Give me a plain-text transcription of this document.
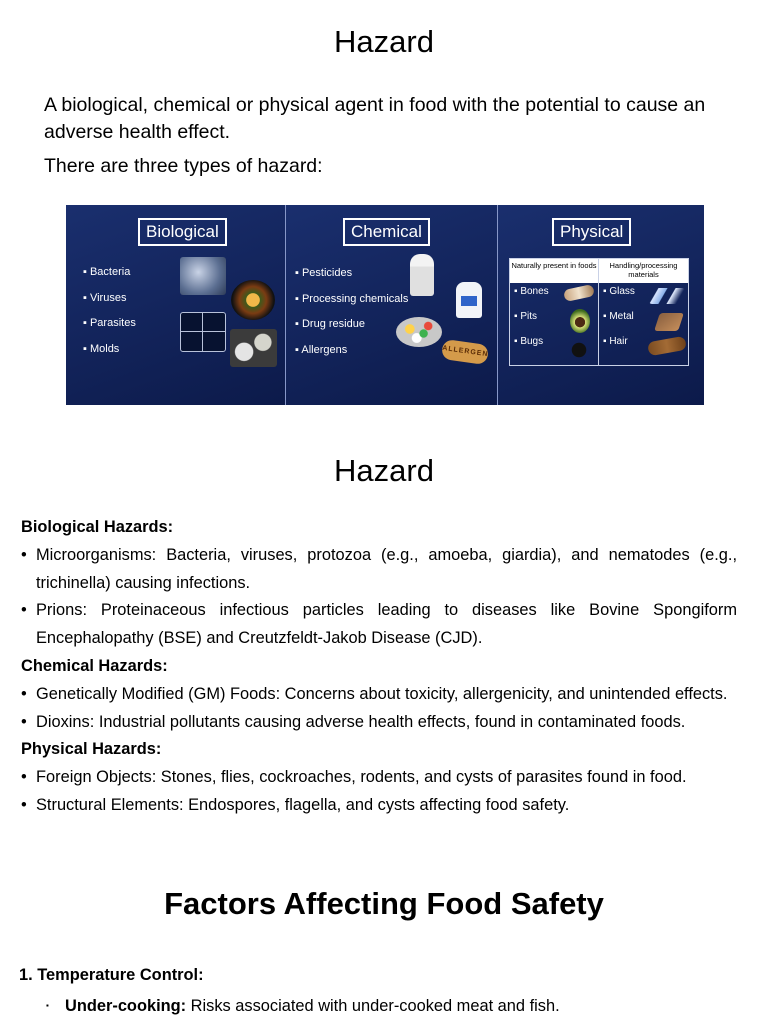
Hazard

A biological, chemical or physical agent in food with the potential to cause an adverse health effect.

There are three types of hazard:

Biological
▪ Bacteria
▪ Viruses
▪ Parasites
▪ Molds
Chemical
▪ Pesticides
▪ Processing chemicals
▪ Drug residue
▪ Allergens	ALLERGEN
Physical
Naturally present in foods	Handling/processing materials
▪ Bones
▪ Pits
▪ Bugs
▪ Glass
▪ Metal
▪ Hair
Hazard
Biological Hazards:
• Microorganisms: Bacteria, viruses, protozoa (e.g., amoeba, giardia), and nematodes (e.g., trichinella) causing infections.
• Prions: Proteinaceous infectious particles leading to diseases like Bovine Spongiform Encephalopathy (BSE) and Creutzfeldt-Jakob Disease (CJD).
Chemical Hazards:
• Genetically Modified (GM) Foods: Concerns about toxicity, allergenicity, and unintended effects.
• Dioxins: Industrial pollutants causing adverse health effects, found in contaminated foods.
Physical Hazards:
• Foreign Objects: Stones, flies, cockroaches, rodents, and cysts of parasites found in food.
• Structural Elements: Endospores, flagella, and cysts affecting food safety.
Factors Affecting Food Safety
1. Temperature Control:
▪ Under-cooking: Risks associated with under-cooked meat and fish.
